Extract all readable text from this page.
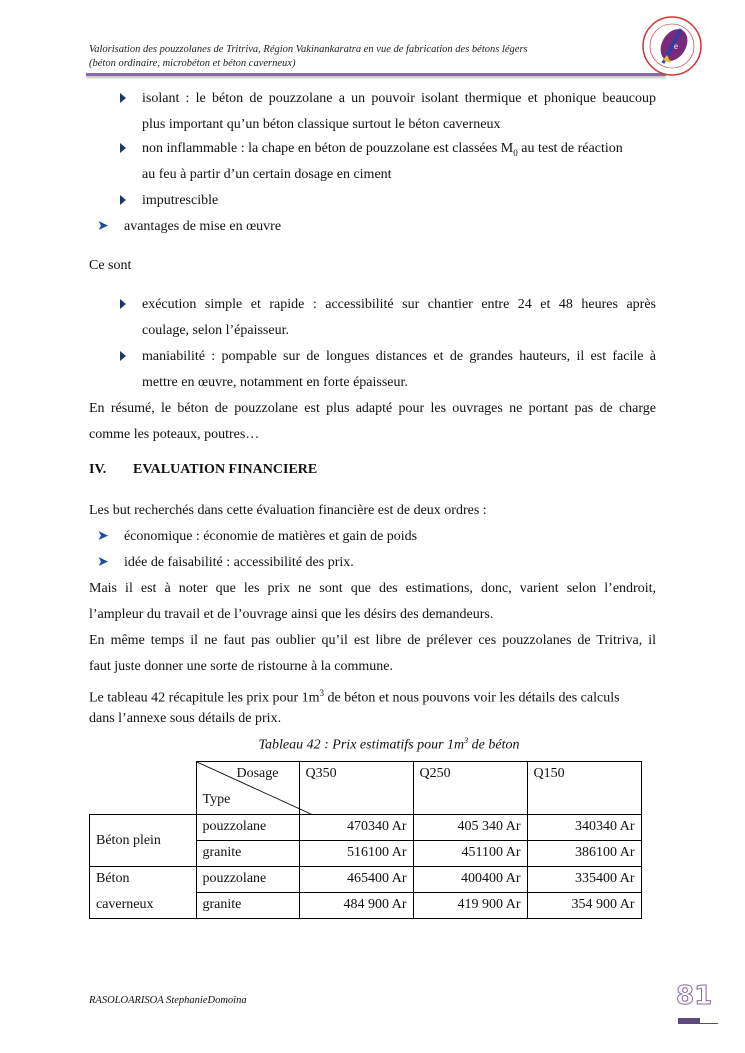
Valorisation des pouzzolanes de Tritriva, Région Vakinankaratra en vue de fabrication des bétons légers
(béton ordinaire, microbéton et béton caverneux)
e
isolant : le béton de pouzzolane a un pouvoir isolant thermique et phonique beaucoup
plus important qu’un béton classique surtout le béton caverneux
non inflammable : la chape en béton de pouzzolane est classées $M_0$ au test de réaction
au feu à partir d’un certain dosage en ciment
imputrescible
➤ avantages de mise en œuvre
Ce sont
exécution simple et rapide : accessibilité sur chantier entre 24 et 48 heures après
coulage, selon l’épaisseur.
maniabilité : pompable sur de longues distances et de grandes hauteurs, il est facile à
mettre en œuvre, notamment en forte épaisseur.
En résumé, le béton de pouzzolane est plus adapté pour les ouvrages ne portant pas de charge
comme les poteaux, poutres…
IV. EVALUATION FINANCIERE
Les but recherchés dans cette évaluation financière est de deux ordres :
➤ économique : économie de matières et gain de poids
➤ idée de faisabilité : accessibilité des prix.
Mais il est à noter que les prix ne sont que des estimations, donc, varient selon l’endroit,
l’ampleur du travail et de l’ouvrage ainsi que les désirs des demandeurs.
En même temps il ne faut pas oublier qu’il est libre de prélever ces pouzzolanes de Tritriva, il
faut juste donner une sorte de ristourne à la commune.
Le tableau 42 récapitule les prix pour $1m^3$ de béton et nous pouvons voir les détails des calculs
dans l’annexe sous détails de prix.
Tableau 42 : Prix estimatifs pour $1m^3$ de béton

	Dosage
Type	Q350	Q250	Q150
Béton plein	pouzzolane	470340 Ar	405 340 Ar	340340 Ar
	granite	516100 Ar	451100 Ar	386100 Ar

Béton
caverneux	pouzzolane	465400 Ar	400400 Ar	335400 Ar
	granite	484 900 Ar	419 900 Ar	354 900 Ar
RASOLOARISOA StephanieDomoina	81
